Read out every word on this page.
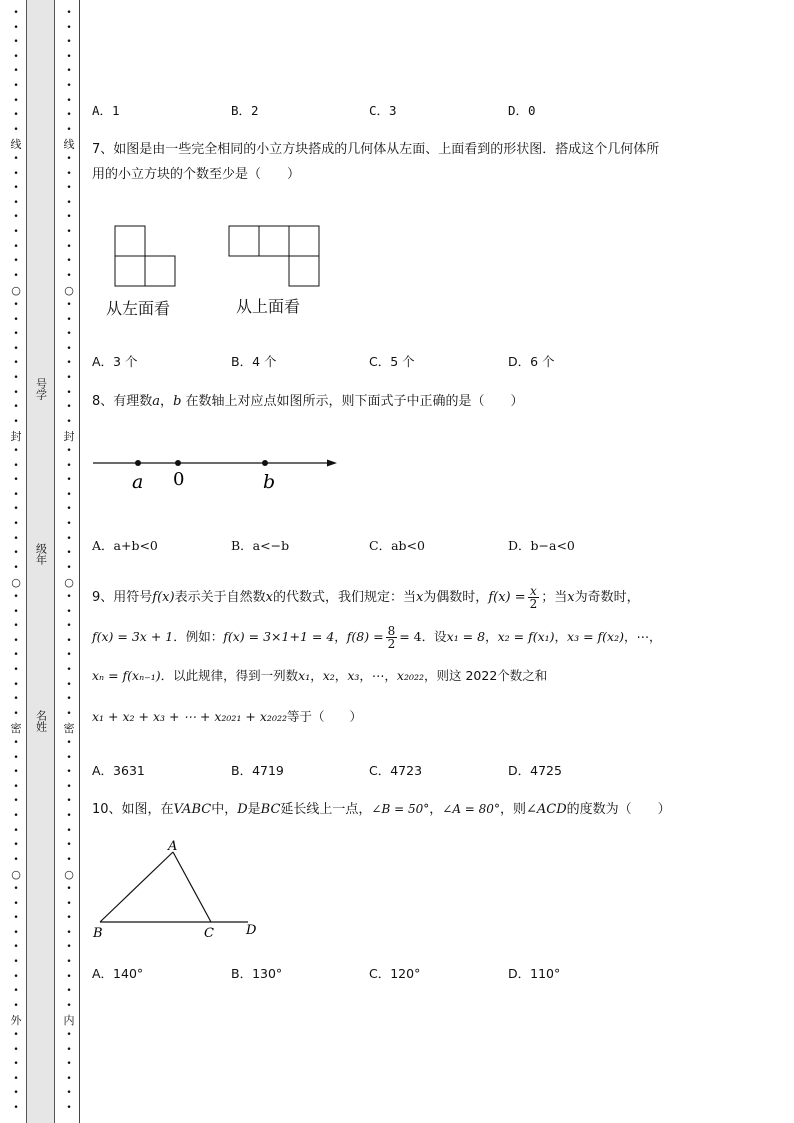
•
•
•
•
•
•
•
•
•
线
•
•
•
•
•
•
•
•
•
○
•
•
•
•
•
•
•
•
•
封
•
•
•
•
•
•
•
•
•
○
•
•
•
•
•
•
•
•
•
密
•
•
•
•
•
•
•
•
•
○
•
•
•
•
•
•
•
•
•
外
•
•
•
•
•
•
•
•
•
•
•
•
•
•
•
线
•
•
•
•
•
•
•
•
•
○
•
•
•
•
•
•
•
•
•
封
•
•
•
•
•
•
•
•
•
○
•
•
•
•
•
•
•
•
•
密
•
•
•
•
•
•
•
•
•
○
•
•
•
•
•
•
•
•
•
内
•
•
•
•
•
•
号学
级年
名姓
A．1	B．2	C．3	D．0
7、如图是由一些完全相同的小立方块搭成的几何体从左面、上面看到的形状图．搭成这个几何体所
用的小立方块的个数至少是（　　）
从左面看	从上面看
A．3 个	B．4 个	C．5 个	D．6 个
8、有理数a，b 在数轴上对应点如图所示，则下面式子中正确的是（　　）
a 0	b
A．a+b<0	B．a<−b	C．ab<0	D．b−a<0
9、用符号f(x)表示关于自然数x的代数式，我们规定：当x为偶数时，$f(x) = \frac{x}{2}$ ；当x为奇数时，
f(x) = 3x + 1．例如：f(x) = 3×1+1 = 4，$f(8) = \frac{8}{2} = 4$．设x₁ = 8，x₂ = f(x₁)，x₃ = f(x₂)，⋯，
xₙ = f(xₙ₋₁)．以此规律，得到一列数x₁，x₂，x₃，⋯，x₂₀₂₂，则这 2022个数之和
x₁ + x₂ + x₃ + ⋯ + x₂₀₂₁ + x₂₀₂₂等于（　　）
A．3631	B．4719	C．4723	D．4725
10、如图，在VABC中，D是BC延长线上一点，∠B = 50°，∠A = 80°，则∠ACD的度数为（　　）
A
B	C D
A．140°	B．130°	C．120°	D．110°
